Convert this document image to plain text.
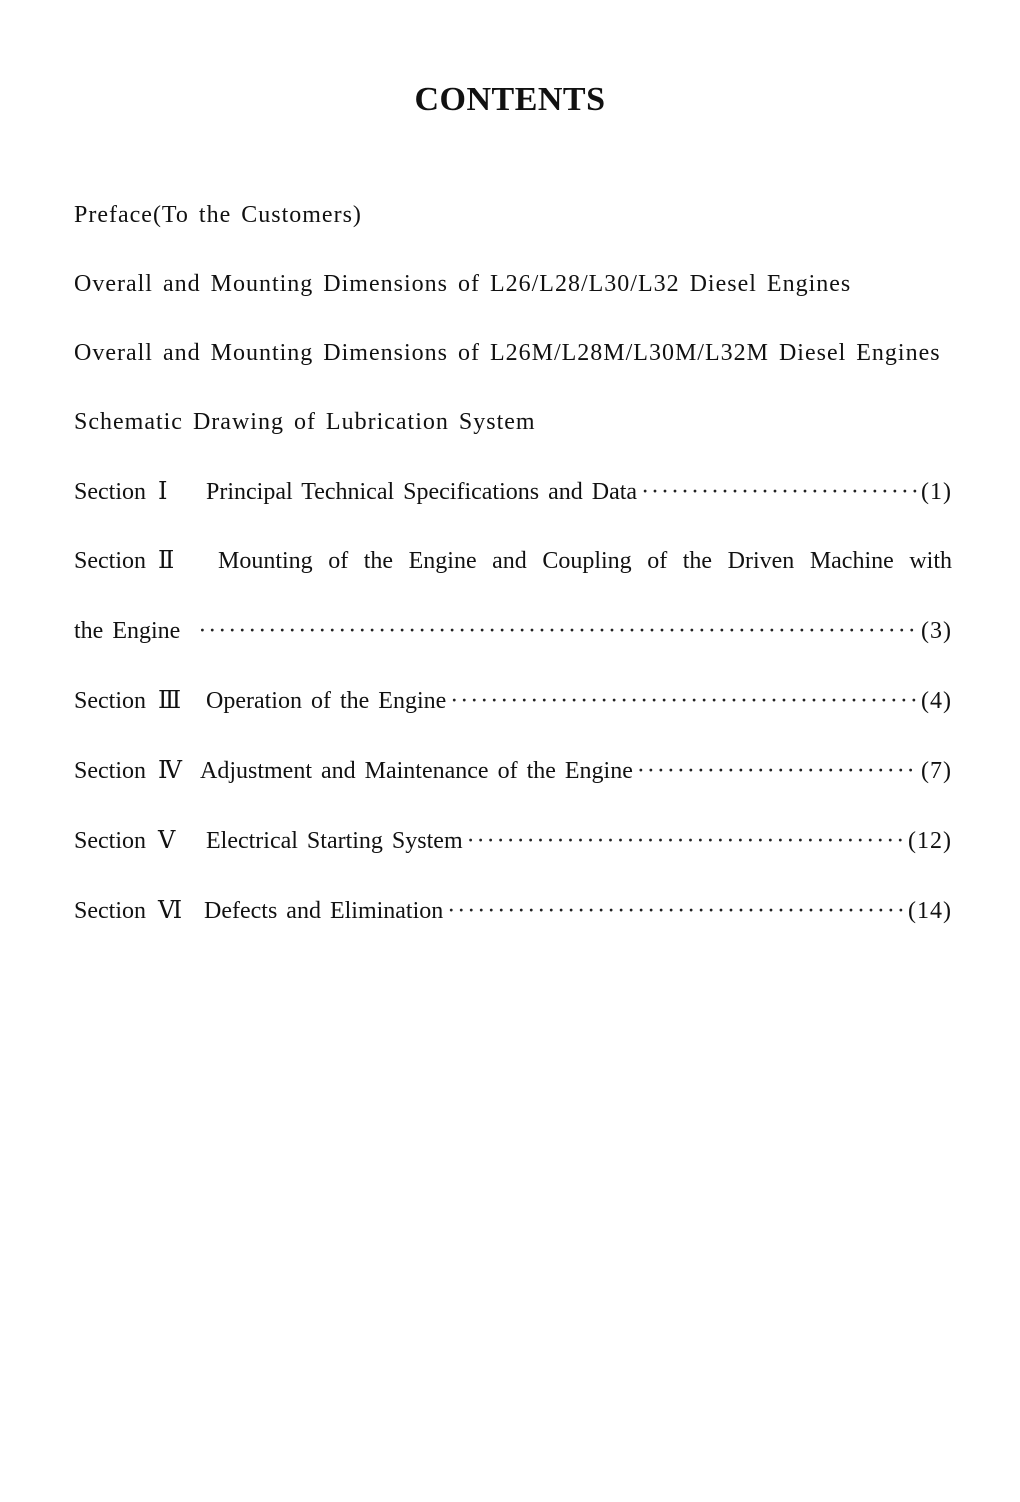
CONTENTS
Preface(To the Customers)
Overall and Mounting Dimensions of L26/L28/L30/L32 Diesel Engines
Overall and Mounting Dimensions of L26M/L28M/L30M/L32M Diesel Engines
Schematic Drawing of Lubrication System
Section Ⅰ	Principal Technical Specifications and Data ·····	(1)
Section Ⅱ	Mounting of the Engine and Coupling of the Driven Machine with
the Engine ·····	(3)
Section Ⅲ	Operation of the Engine ·····	(4)
Section Ⅳ Adjustment and Maintenance of the Engine ·····	(7)
Section Ⅴ	Electrical Starting System ·····	(12)
Section Ⅵ Defects and Elimination ·····	(14)
